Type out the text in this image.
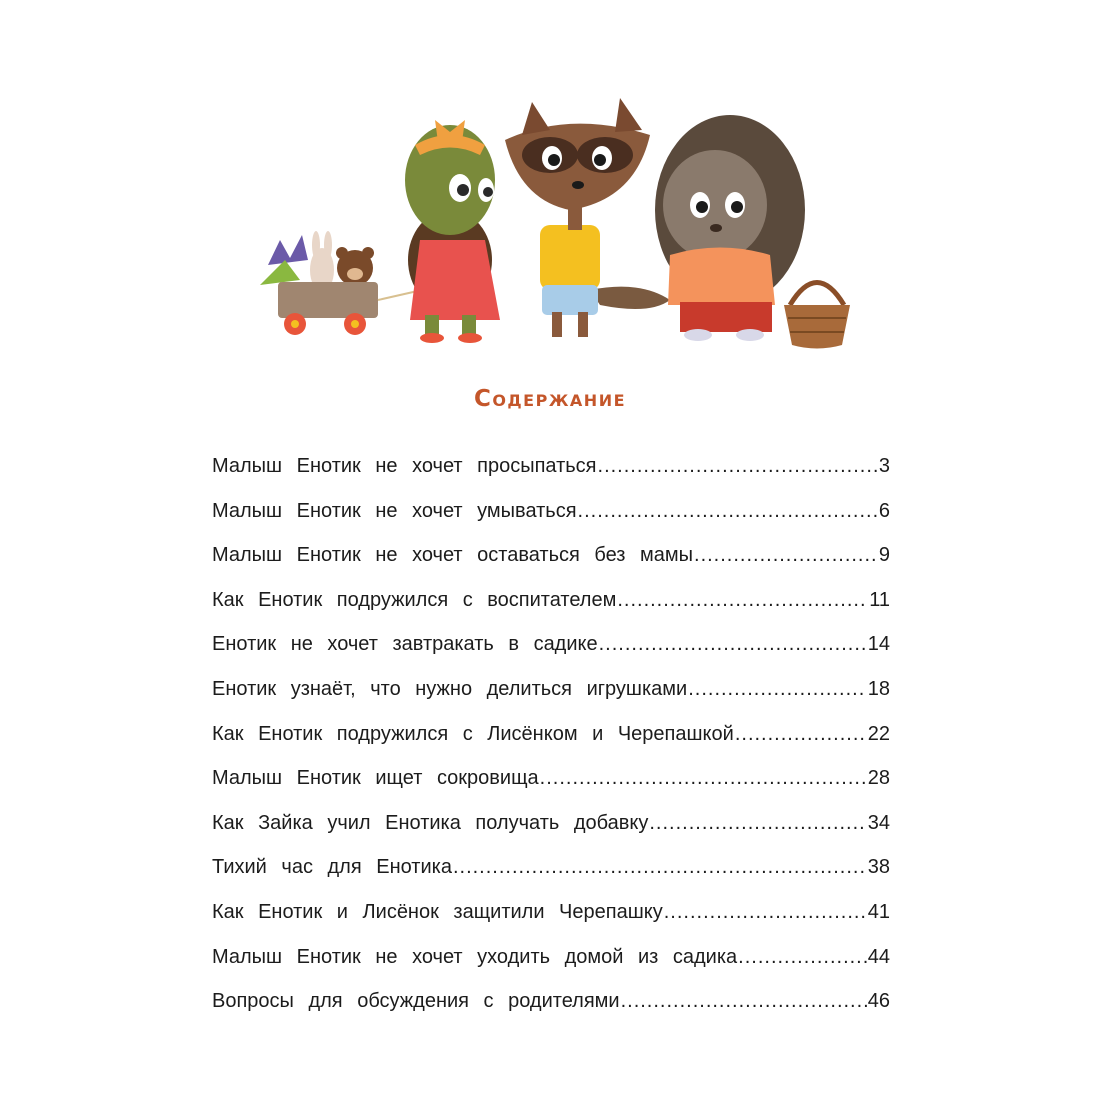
Содержание
Малыш Енотик не хочет просыпаться .....	3
Малыш Енотик не хочет умываться .....	6
Малыш Енотик не хочет оставаться без мамы .....	9
Как Енотик подружился с воспитателем .....	11
Енотик не хочет завтракать в садике .....	14
Енотик узнаёт, что нужно делиться игрушками .....	18
Как Енотик подружился с Лисёнком и Черепашкой .....	22
Малыш Енотик ищет сокровища .....	28
Как Зайка учил Енотика получать добавку .....	34
Тихий час для Енотика .....	38
Как Енотик и Лисёнок защитили Черепашку .....	41
Малыш Енотик не хочет уходить домой из садика .....	44
Вопросы для обсуждения с родителями .....	46
